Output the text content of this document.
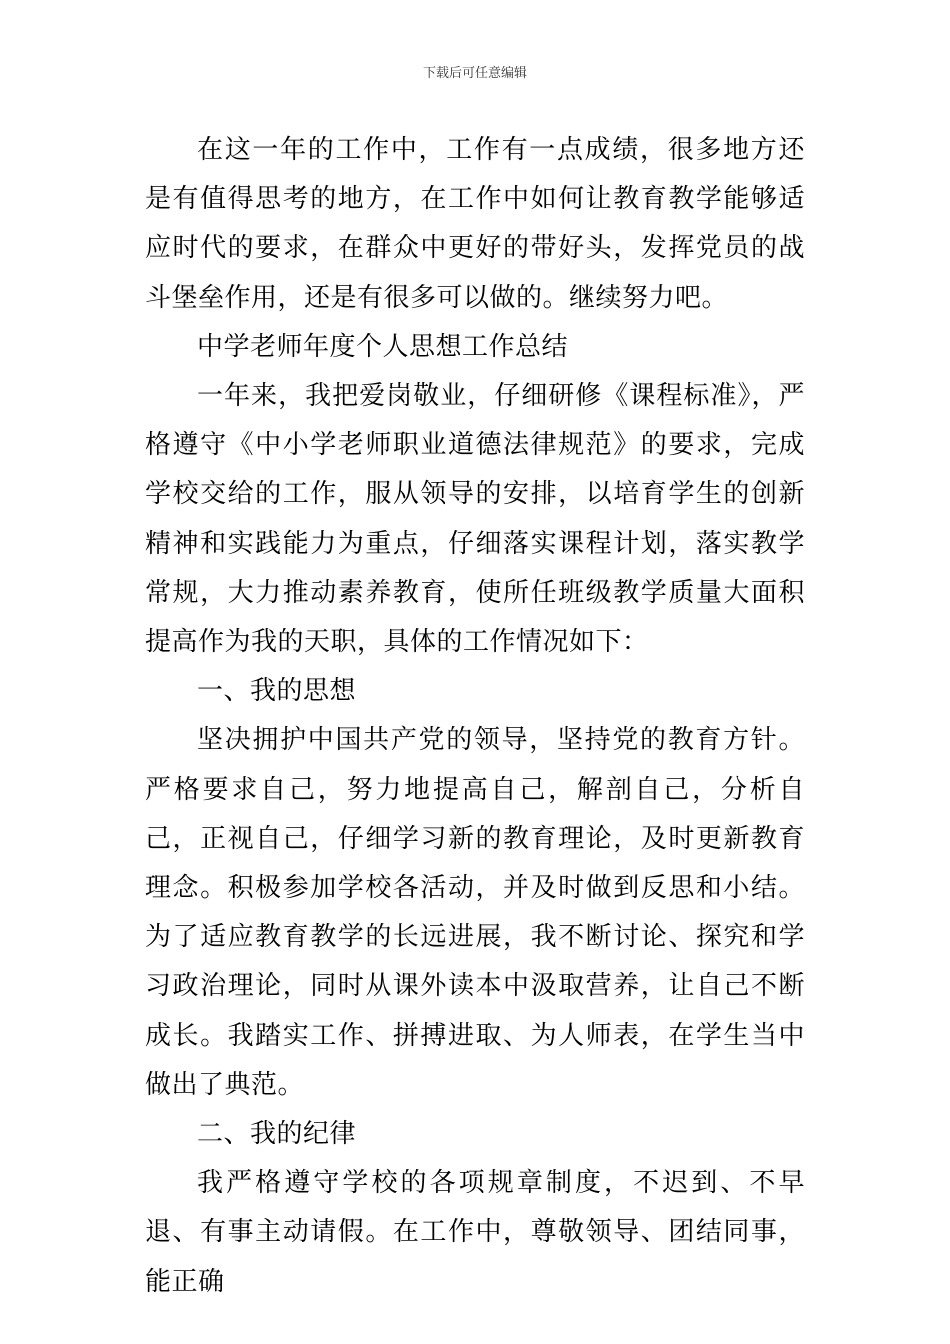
下载后可任意编辑

在这一年的工作中，工作有一点成绩，很多地方还是有值得思考的地方，在工作中如何让教育教学能够适应时代的要求，在群众中更好的带好头，发挥党员的战斗堡垒作用，还是有很多可以做的。继续努力吧。

中学老师年度个人思想工作总结

一年来，我把爱岗敬业，仔细研修《课程标准》，严格遵守《中小学老师职业道德法律规范》的要求，完成学校交给的工作，服从领导的安排，以培育学生的创新精神和实践能力为重点，仔细落实课程计划，落实教学常规，大力推动素养教育，使所任班级教学质量大面积提高作为我的天职，具体的工作情况如下：

一、我的思想

坚决拥护中国共产党的领导，坚持党的教育方针。严格要求自己，努力地提高自己，解剖自己，分析自己，正视自己，仔细学习新的教育理论，及时更新教育理念。积极参加学校各活动，并及时做到反思和小结。为了适应教育教学的长远进展，我不断讨论、探究和学习政治理论，同时从课外读本中汲取营养，让自己不断成长。我踏实工作、拼搏进取、为人师表，在学生当中做出了典范。

二、我的纪律

我严格遵守学校的各项规章制度，不迟到、不早退、有事主动请假。在工作中，尊敬领导、团结同事，能正确
